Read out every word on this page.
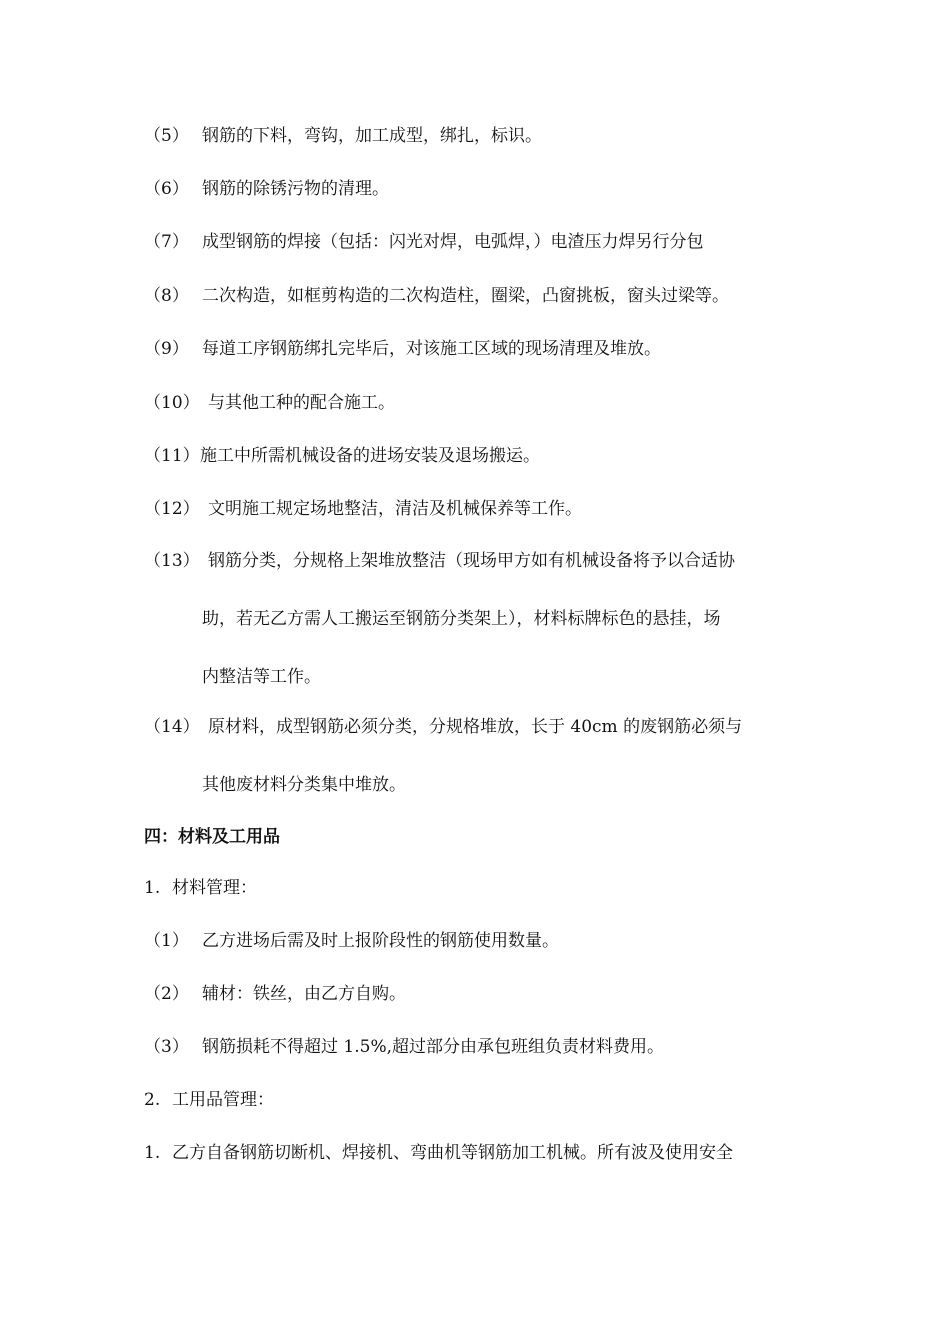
（5） 钢筋的下料，弯钩，加工成型，绑扎，标识。
（6） 钢筋的除锈污物的清理。
（7） 成型钢筋的焊接（包括：闪光对焊，电弧焊，）电渣压力焊另行分包
（8） 二次构造，如框剪构造的二次构造柱，圈梁，凸窗挑板，窗头过梁等。
（9） 每道工序钢筋绑扎完毕后，对该施工区域的现场清理及堆放。
（10） 与其他工种的配合施工。
（11）施工中所需机械设备的进场安装及退场搬运。
（12） 文明施工规定场地整洁，清洁及机械保养等工作。
（13） 钢筋分类，分规格上架堆放整洁（现场甲方如有机械设备将予以合适协
助，若无乙方需人工搬运至钢筋分类架上），材料标牌标色的悬挂，场
内整洁等工作。
（14） 原材料，成型钢筋必须分类，分规格堆放，长于 40cm 的废钢筋必须与
其他废材料分类集中堆放。
四：材料及工用品
1. 材料管理：
（1） 乙方进场后需及时上报阶段性的钢筋使用数量。
（2） 辅材：铁丝，由乙方自购。
（3） 钢筋损耗不得超过 1.5%,超过部分由承包班组负责材料费用。
2. 工用品管理：
1. 乙方自备钢筋切断机、焊接机、弯曲机等钢筋加工机械。所有波及使用安全
